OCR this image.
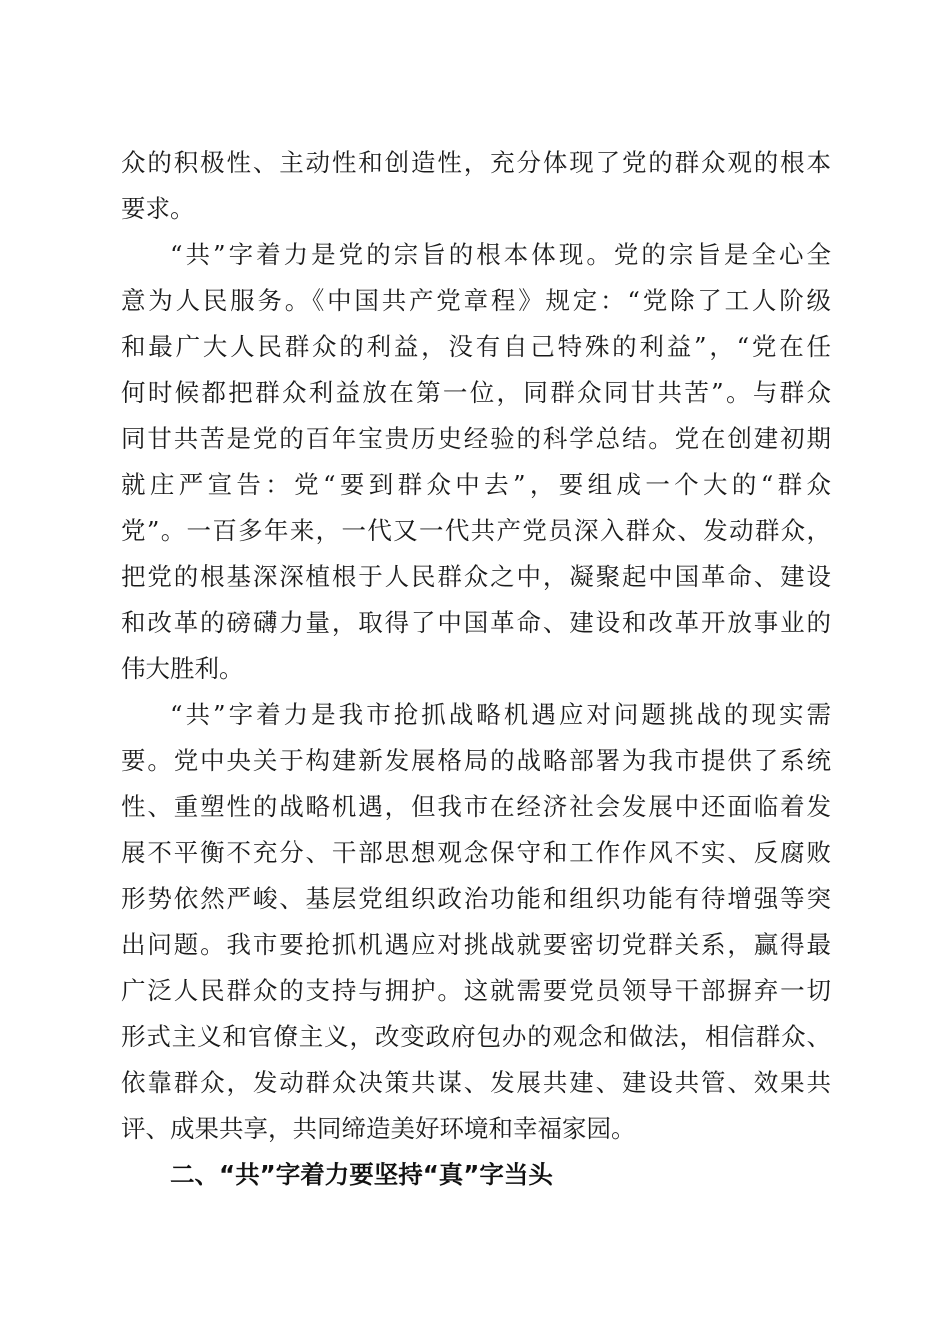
众的积极性、主动性和创造性，充分体现了党的群众观的根本
要求。
“共”字着力是党的宗旨的根本体现。党的宗旨是全心全
意为人民服务。《中国共产党章程》规定：“党除了工人阶级
和最广大人民群众的利益，没有自己特殊的利益”，“党在任
何时候都把群众利益放在第一位，同群众同甘共苦”。与群众
同甘共苦是党的百年宝贵历史经验的科学总结。党在创建初期
就庄严宣告：党“要到群众中去”，要组成一个大的“群众
党”。一百多年来，一代又一代共产党员深入群众、发动群众，
把党的根基深深植根于人民群众之中，凝聚起中国革命、建设
和改革的磅礴力量，取得了中国革命、建设和改革开放事业的
伟大胜利。
“共”字着力是我市抢抓战略机遇应对问题挑战的现实需
要。党中央关于构建新发展格局的战略部署为我市提供了系统
性、重塑性的战略机遇，但我市在经济社会发展中还面临着发
展不平衡不充分、干部思想观念保守和工作作风不实、反腐败
形势依然严峻、基层党组织政治功能和组织功能有待增强等突
出问题。我市要抢抓机遇应对挑战就要密切党群关系，赢得最
广泛人民群众的支持与拥护。这就需要党员领导干部摒弃一切
形式主义和官僚主义，改变政府包办的观念和做法，相信群众、
依靠群众，发动群众决策共谋、发展共建、建设共管、效果共
评、成果共享，共同缔造美好环境和幸福家园。
二、“共”字着力要坚持“真”字当头
